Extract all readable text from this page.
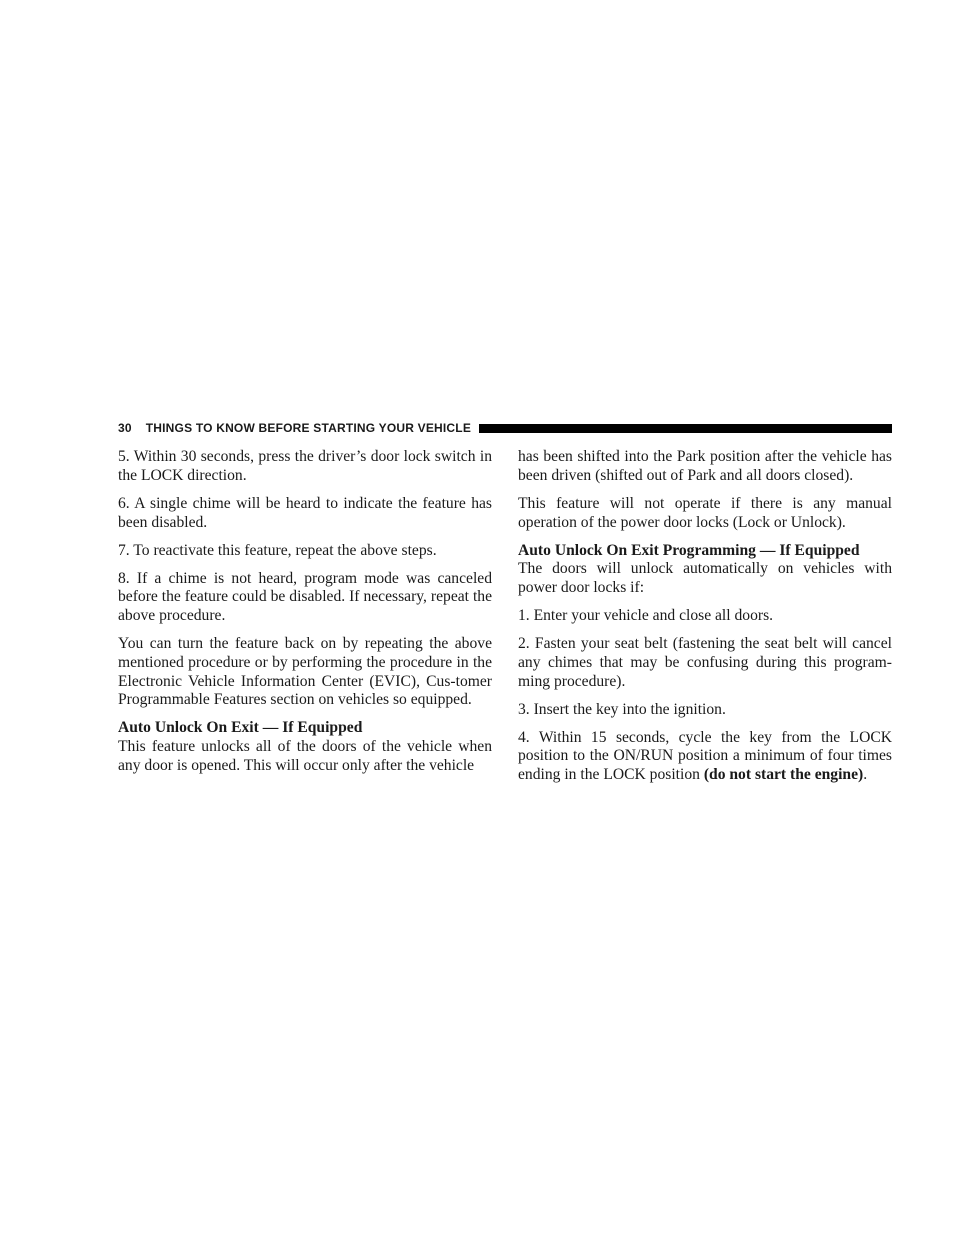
30 THINGS TO KNOW BEFORE STARTING YOUR VEHICLE

5. Within 30 seconds, press the driver’s door lock switch in the LOCK direction.

6. A single chime will be heard to indicate the feature has been disabled.

7. To reactivate this feature, repeat the above steps.

8. If a chime is not heard, program mode was canceled before the feature could be disabled. If necessary, repeat the above procedure.

You can turn the feature back on by repeating the above mentioned procedure or by performing the procedure in the Electronic Vehicle Information Center (EVIC), Cus-tomer Programmable Features section on vehicles so equipped.

Auto Unlock On Exit — If Equipped

This feature unlocks all of the doors of the vehicle when any door is opened. This will occur only after the vehicle

has been shifted into the Park position after the vehicle has been driven (shifted out of Park and all doors closed).

This feature will not operate if there is any manual operation of the power door locks (Lock or Unlock).

Auto Unlock On Exit Programming — If Equipped

The doors will unlock automatically on vehicles with power door locks if:

1. Enter your vehicle and close all doors.

2. Fasten your seat belt (fastening the seat belt will cancel any chimes that may be confusing during this program-ming procedure).

3. Insert the key into the ignition.

4. Within 15 seconds, cycle the key from the LOCK position to the ON/RUN position a minimum of four times ending in the LOCK position (do not start the engine).
